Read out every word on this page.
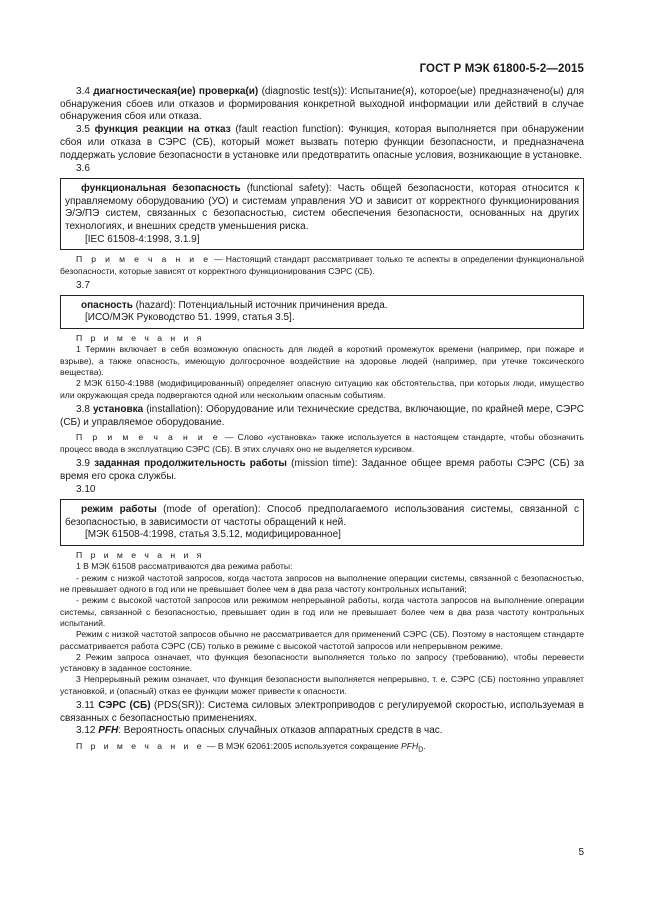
ГОСТ Р МЭК 61800-5-2—2015

3.4 диагностическая(ие) проверка(и) (diagnostic test(s)): Испытание(я), которое(ые) предназначено(ы) для обнаружения сбоев или отказов и формирования конкретной выходной информации или действий в случае обнаружения сбоя или отказа.

3.5 функция реакции на отказ (fault reaction function): Функция, которая выполняется при обнаружении сбоя или отказа в СЭРС (СБ), который может вызвать потерю функции безопасности, и предназначена поддержать условие безопасности в установке или предотвратить опасные условия, возникающие в установке.

3.6

функциональная безопасность (functional safety): Часть общей безопасности, которая относится к управляемому оборудованию (УО) и системам управления УО и зависит от корректного функционирования Э/Э/ПЭ систем, связанных с безопасностью, систем обеспечения безопасности, основанных на других технологиях, и внешних средств уменьшения риска.

[IEC 61508-4:1998, 3.1.9]

П р и м е ч а н и е — Настоящий стандарт рассматривает только те аспекты в определении функциональной безопасности, которые зависят от корректного функционирования СЭРС (СБ).

3.7

опасность (hazard): Потенциальный источник причинения вреда.

[ИСО/МЭК Руководство 51. 1999, статья 3.5].

П р и м е ч а н и я

1 Термин включает в себя возможную опасность для людей в короткий промежуток времени (например, при пожаре и взрыве), а также опасность, имеющую долгосрочное воздействие на здоровье людей (например, при утечке токсического вещества).

2 МЭК 6150-4:1988 (модифицированный) определяет опасную ситуацию как обстоятельства, при которых люди, имущество или окружающая среда подвергаются одной или нескольким опасным событиям.

3.8 установка (installation): Оборудование или технические средства, включающие, по крайней мере, СЭРС (СБ) и управляемое оборудование.

П р и м е ч а н и е — Слово «установка» также используется в настоящем стандарте, чтобы обозначить процесс ввода в эксплуатацию СЭРС (СБ). В этих случаях оно не выделяется курсивом.

3.9 заданная продолжительность работы (mission time): Заданное общее время работы СЭРС (СБ) за время его срока службы.

3.10

режим работы (mode of operation): Способ предполагаемого использования системы, связанной с безопасностью, в зависимости от частоты обращений к ней.

[МЭК 61508-4:1998, статья 3.5.12, модифицированное]

П р и м е ч а н и я

1 В МЭК 61508 рассматриваются два режима работы:

- режим с низкой частотой запросов, когда частота запросов на выполнение операции системы, связанной с безопасностью, не превышает одного в год или не превышает более чем в два раза частоту контрольных испытаний;

- режим с высокой частотой запросов или режимом непрерывной работы, когда частота запросов на выполнение операции системы, связанной с безопасностью, превышает один в год или не превышает более чем в два раза частоту контрольных испытаний.

Режим с низкой частотой запросов обычно не рассматривается для применений СЭРС (СБ). Поэтому в настоящем стандарте рассматривается работа СЭРС (СБ) только в режиме с высокой частотой запросов или непрерывном режиме.

2 Режим запроса означает, что функция безопасности выполняется только по запросу (требованию), чтобы перевести установку в заданное состояние.

3 Непрерывный режим означает, что функция безопасности выполняется непрерывно, т. е. СЭРС (СБ) постоянно управляет установкой, и (опасный) отказ ее функции может привести к опасности.

3.11 СЭРС (СБ) (PDS(SR)): Система силовых электроприводов с регулируемой скоростью, используемая в связанных с безопасностью применениях.

3.12 PFH: Вероятность опасных случайных отказов аппаратных средств в час.

П р и м е ч а н и е — В МЭК 62061:2005 используется сокращение $PFH_D$.

5
